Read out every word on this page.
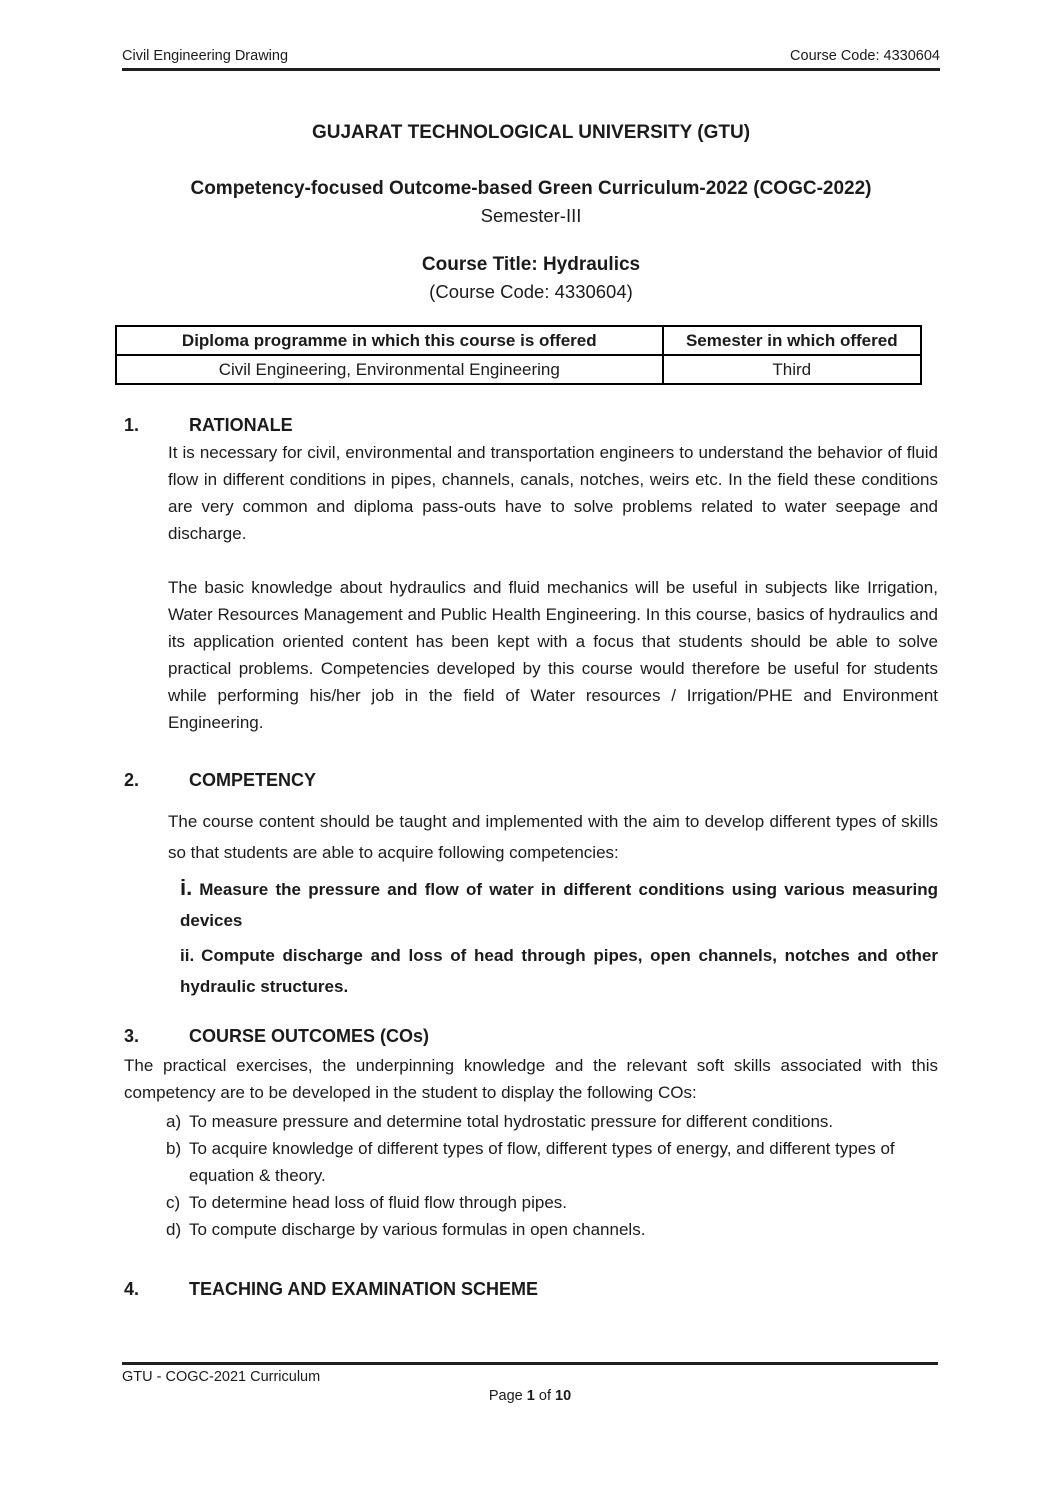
Civil Engineering Drawing	Course Code: 4330604
GUJARAT TECHNOLOGICAL UNIVERSITY (GTU)
Competency-focused Outcome-based Green Curriculum-2022 (COGC-2022)
Semester-III
Course Title: Hydraulics
(Course Code: 4330604)
Diploma programme in which this course is offered	Semester in which offered
Civil Engineering, Environmental Engineering	Third
1.	RATIONALE

It is necessary for civil, environmental and transportation engineers to understand the behavior of fluid flow in different conditions in pipes, channels, canals, notches, weirs etc. In the field these conditions are very common and diploma pass-outs have to solve problems related to water seepage and discharge.

The basic knowledge about hydraulics and fluid mechanics will be useful in subjects like Irrigation, Water Resources Management and Public Health Engineering. In this course, basics of hydraulics and its application oriented content has been kept with a focus that students should be able to solve practical problems. Competencies developed by this course would therefore be useful for students while performing his/her job in the field of Water resources / Irrigation/PHE and Environment Engineering.

2.	COMPETENCY

The course content should be taught and implemented with the aim to develop different types of skills so that students are able to acquire following competencies:

i. Measure the pressure and flow of water in different conditions using various measuring devices
ii. Compute discharge and loss of head through pipes, open channels, notches and other hydraulic structures.
3.	COURSE OUTCOMES (COs)

The practical exercises, the underpinning knowledge and the relevant soft skills associated with this competency are to be developed in the student to display the following COs:

a) To measure pressure and determine total hydrostatic pressure for different conditions.
b) To acquire knowledge of different types of flow, different types of energy, and different types of equation & theory.
c) To determine head loss of fluid flow through pipes.
d) To compute discharge by various formulas in open channels.
4.	TEACHING AND EXAMINATION SCHEME
GTU - COGC-2021 Curriculum
Page 1 of 10
